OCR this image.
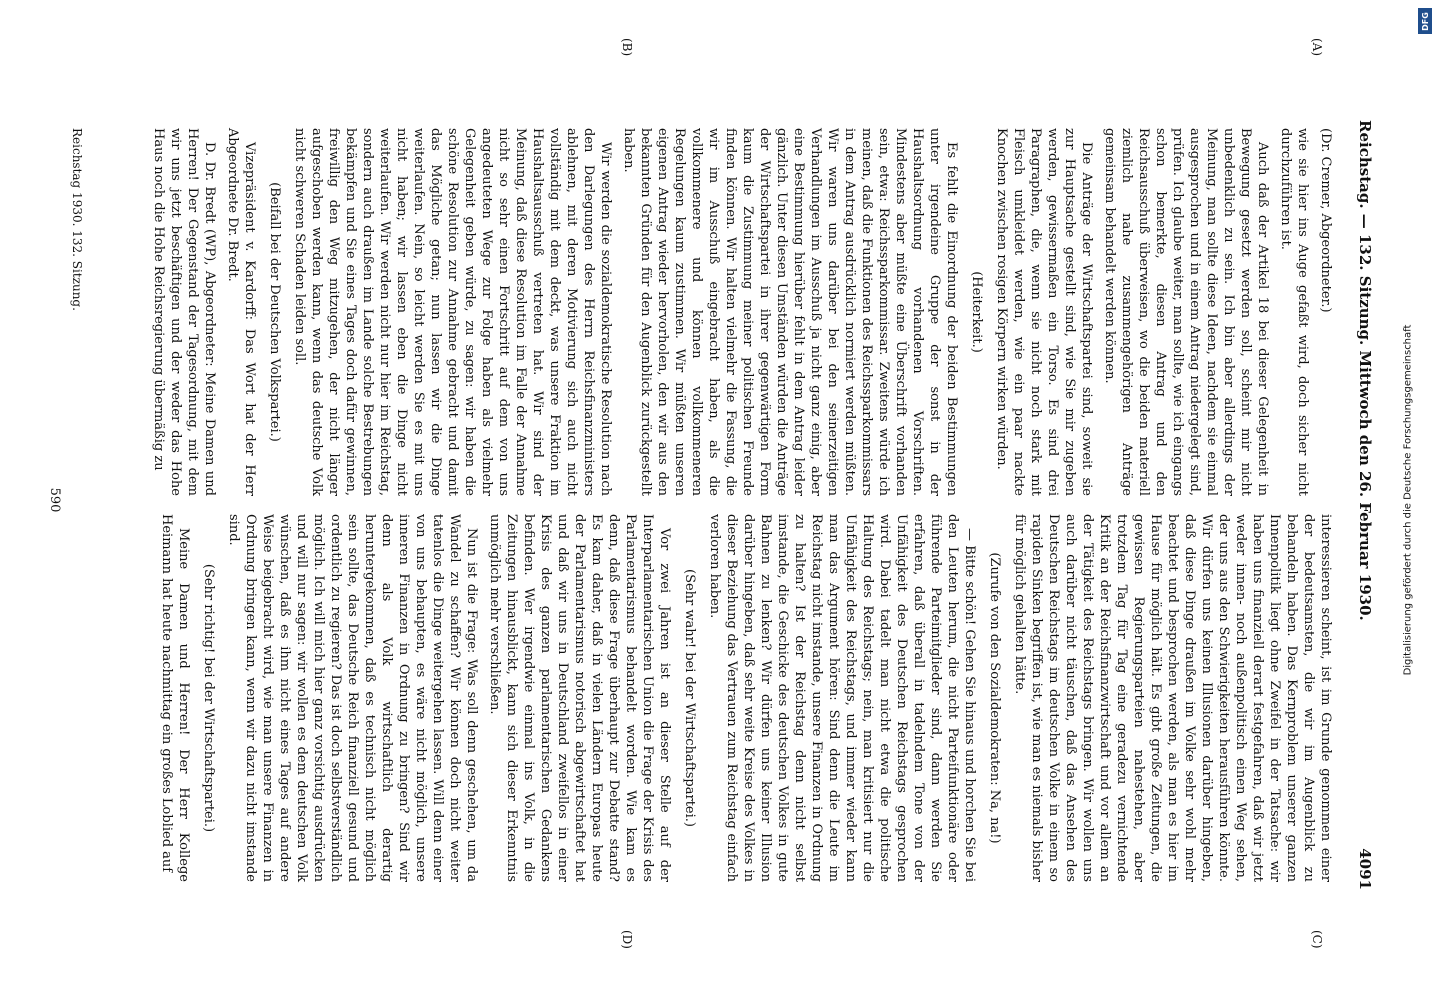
Reichstag. — 132. Sitzung. Mittwoch den 26. Februar 1930.
4091
(A)
(B)
(C)
(D)

(Dr. Cremer, Abgeordneter.)

wie sie hier ins Auge gefaßt wird, doch sicher nicht durchzuführen ist.

Auch daß der Artikel 18 bei dieser Gelegenheit in Bewegung gesetzt werden soll, scheint mir nicht unbedenklich zu sein. Ich bin aber allerdings der Meinung, man sollte diese Ideen, nachdem sie einmal ausgesprochen und in einem Antrag niedergelegt sind, prüfen. Ich glaube weiter, man sollte, wie ich eingangs schon bemerkte, diesen Antrag und den Reichsausschuß überweisen, wo die beiden materiell ziemlich nahe zusammengehörigen Anträge gemeinsam behandelt werden können.

Die Anträge der Wirtschaftspartei sind, soweit sie zur Hauptsache gestellt sind, wie Sie mir zugeben werden, gewissermaßen ein Torso. Es sind drei Paragraphen, die, wenn sie nicht noch stark mit Fleisch umkleidet werden, wie ein paar nackte Knochen zwischen rosigen Körpern wirken würden.

(Heiterkeit.)

Es fehlt die Einordnung der beiden Bestimmungen unter irgendeine Gruppe der sonst in der Haushaltsordnung vorhandenen Vorschriften. Mindestens aber müßte eine Überschrift vorhanden sein, etwa: Reichssparkommissar. Zweitens würde ich meinen, daß die Funktionen des Reichssparkommissars in dem Antrag ausdrücklich normiert werden müßten. Wir waren uns darüber bei den seinerzeitigen Verhandlungen im Ausschuß ja nicht ganz einig, aber eine Bestimmung hierüber fehlt in dem Antrag leider gänzlich. Unter diesen Umständen würden die Anträge der Wirtschaftspartei in ihrer gegenwärtigen Form kaum die Zustimmung meiner politischen Freunde finden können. Wir halten vielmehr die Fassung, die wir im Ausschuß eingebracht haben, als die vollkommenere und können vollkommeneren Regelungen kaum zustimmen. Wir müßten unseren eigenen Antrag wieder hervorholen, den wir aus den bekannten Gründen für den Augenblick zurückgestellt haben.

Wir werden die sozialdemokratische Resolution nach den Darlegungen des Herrn Reichsfinanzministers ablehnen, mit deren Motivierung sich auch nicht vollständig mit dem deckt, was unsere Fraktion im Haushaltsausschuß vertreten hat. Wir sind der Meinung, daß diese Resolution im Falle der Annahme nicht so sehr einen Fortschritt auf dem von uns angedeuteten Wege zur Folge haben als vielmehr Gelegenheit geben würde, zu sagen: wir haben die schöne Resolution zur Annahme gebracht und damit das Mögliche getan; nun lassen wir die Dinge weiterlaufen. Nein, so leicht werden Sie es mit uns nicht haben; wir lassen eben die Dinge nicht weiterlaufen. Wir werden nicht nur hier im Reichstag, sondern auch draußen im Lande solche Bestrebungen bekämpfen und Sie eines Tages doch dafür gewinnen, freiwillig den Weg mitzugehen, der nicht länger aufgeschoben werden kann, wenn das deutsche Volk nicht schweren Schaden leiden soll.

(Beifall bei der Deutschen Volkspartei.)

Vizepräsident v. Kardorff: Das Wort hat der Herr Abgeordnete Dr. Bredt.

D. Dr. Bredt (WP), Abgeordneter: Meine Damen und Herren! Der Gegenstand der Tagesordnung, mit dem wir uns jetzt beschäftigen und der weder das Hohe Haus noch die Hohe Reichsregierung übermäßig zu

interessieren scheint, ist im Grunde genommen einer der bedeutsamsten, die wir im Augenblick zu behandeln haben. Das Kernproblem unserer ganzen Innenpolitik liegt ohne Zweifel in der Tatsache: wir haben uns finanziell derart festgefahren, daß wir jetzt weder innen- noch außenpolitisch einen Weg sehen, der uns aus den Schwierigkeiten herausführen könnte. Wir dürfen uns keinen Illusionen darüber hingeben, daß diese Dinge draußen im Volke sehr wohl mehr beachtet und besprochen werden, als man es hier im Hause für möglich hält. Es gibt große Zeitungen, die gewissen Regierungsparteien nahestehen, aber trotzdem Tag für Tag eine geradezu vernichtende Kritik an der Reichsfinanzwirtschaft und vor allem an der Tätigkeit des Reichstags bringen. Wir wollen uns auch darüber nicht täuschen, daß das Ansehen des Deutschen Reichstags im deutschen Volke in einem so rapiden Sinken begriffen ist, wie man es niemals bisher für möglich gehalten hätte.

(Zurufe von den Sozialdemokraten: Na, na!)

— Bitte schön! Gehen Sie hinaus und horchen Sie bei den Leuten herum, die nicht Parteifunktionäre oder führende Parteimitglieder sind, dann werden Sie erfahren, daß überall in tadelndem Tone von der Unfähigkeit des Deutschen Reichstags gesprochen wird. Dabei tadelt man nicht etwa die politische Haltung des Reichstags; nein, man kritisiert nur die Unfähigkeit des Reichstags, und immer wieder kann man das Argument hören: Sind denn die Leute im Reichstag nicht imstande, unsere Finanzen in Ordnung zu halten? Ist der Reichstag denn nicht selbst imstande, die Geschicke des deutschen Volkes in gute Bahnen zu lenken? Wir dürfen uns keiner Illusion darüber hingeben, daß sehr weite Kreise des Volkes in dieser Beziehung das Vertrauen zum Reichstag einfach verloren haben.

(Sehr wahr! bei der Wirtschaftspartei.)

Vor zwei Jahren ist an dieser Stelle auf der Interparlamentarischen Union die Frage der Krisis des Parlamentarismus behandelt worden. Wie kam es denn, daß diese Frage überhaupt zur Debatte stand? Es kam daher, daß in vielen Ländern Europas heute der Parlamentarismus notorisch abgewirtschaftet hat und daß wir uns in Deutschland zweifellos in einer Krisis des ganzen parlamentarischen Gedankens befinden. Wer irgendwie einmal ins Volk, in die Zeitungen hinausblickt, kann sich dieser Erkenntnis unmöglich mehr verschließen.

Nun ist die Frage: Was soll denn geschehen, um da Wandel zu schaffen? Wir können doch nicht weiter tatenlos die Dinge weitergehen lassen. Will denn einer von uns behaupten, es wäre nicht möglich, unsere inneren Finanzen in Ordnung zu bringen? Sind wir denn als Volk wirtschaftlich derartig heruntergekommen, daß es technisch nicht möglich sein sollte, das Deutsche Reich finanziell gesund und ordentlich zu regieren? Das ist doch selbstverständlich möglich. Ich will mich hier ganz vorsichtig ausdrücken und will nur sagen: wir wollen es dem deutschen Volk wünschen, daß es ihm nicht eines Tages auf andere Weise beigebracht wird, wie man unsere Finanzen in Ordnung bringen kann, wenn wir dazu nicht imstande sind.

(Sehr richtig! bei der Wirtschaftspartei.)

Meine Damen und Herren! Der Herr Kollege Heimann hat heute nachmittag ein großes Loblied auf

Reichstag 1930. 132. Sitzung.
590	Digitalisierung gefördert durch die Deutsche Forschungsgemeinschaft
DFG
